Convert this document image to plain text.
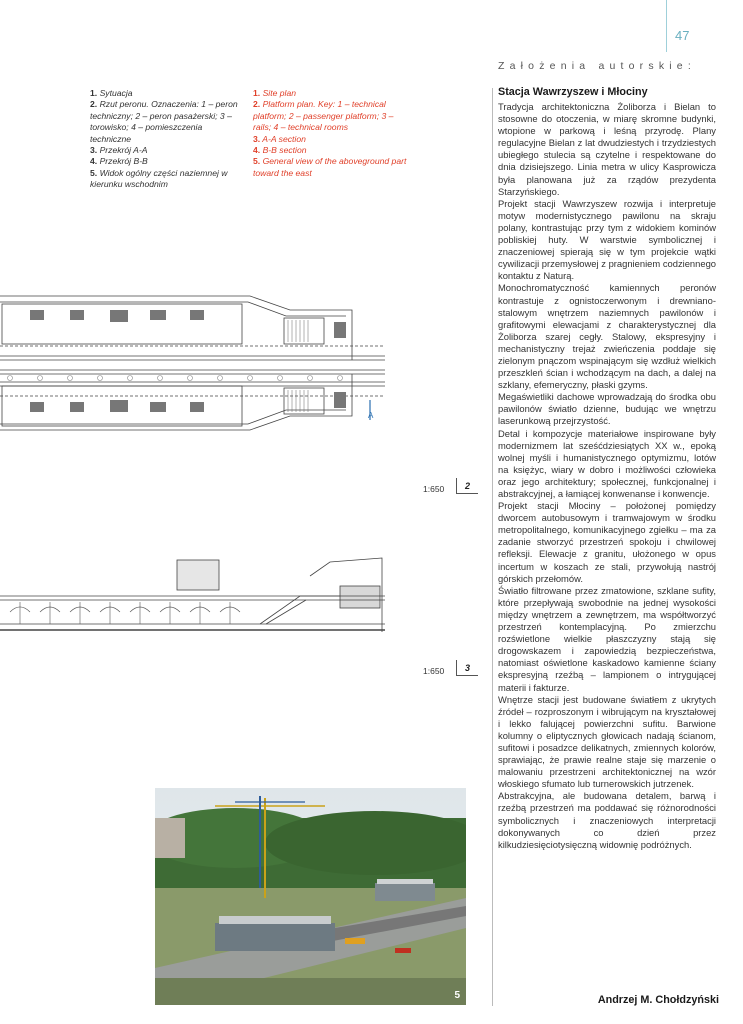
47
1. Sytuacja
2. Rzut peronu. Oznaczenia: 1 – peron techniczny; 2 – peron pasażerski; 3 – torowisko; 4 – pomieszczenia techniczne
3. Przekrój A-A
4. Przekrój B-B
5. Widok ogólny części naziemnej w kierunku wschodnim
1. Site plan
2. Platform plan. Key: 1 – technical platform; 2 – passenger platform; 3 – rails; 4 – technical rooms
3. A-A section
4. B-B section
5. General view of the aboveground part toward the east
A
1:650	2
1:650	3
5
Założenia autorskie:
Stacja Wawrzyszew i Młociny

Tradycja architektoniczna Żoliborza i Bielan to stosowne do otoczenia, w miarę skromne budynki, wtopione w parkową i leśną przyrodę. Plany regulacyjne Bielan z lat dwudziestych i trzydziestych ubiegłego stulecia są czytelne i respektowane do dnia dzisiejszego. Linia metra w ulicy Kasprowicza była planowana już za rządów prezydenta Starzyńskiego.

Projekt stacji Wawrzyszew rozwija i interpretuje motyw modernistycznego pawilonu na skraju polany, kontrastując przy tym z widokiem kominów pobliskiej huty. W warstwie symbolicznej i znaczeniowej spierają się w tym projekcie wątki cywilizacji przemysłowej z pragnieniem codziennego kontaktu z Naturą.

Monochromatyczność kamiennych peronów kontrastuje z ognistoczerwonym i drewniano-stalowym wnętrzem naziemnych pawilonów i grafitowymi elewacjami z charakterystycznej dla Żoliborza szarej cegły. Stalowy, ekspresyjny i mechanistyczny trejaż zwieńczenia poddaje się zielonym pnączom wspinającym się wzdłuż wielkich przeszkleń ścian i wchodzącym na dach, a dalej na szklany, efemeryczny, płaski gzyms.

Megaświetliki dachowe wprowadzają do środka obu pawilonów światło dzienne, budując we wnętrzu laserunkową przejrzystość.

Detal i kompozycje materiałowe inspirowane były modernizmem lat sześćdziesiątych XX w., epoką wolnej myśli i humanistycznego optymizmu, lotów na księżyc, wiary w dobro i możliwości człowieka oraz jego architektury; społecznej, funkcjonalnej i abstrakcyjnej, a łamiącej konwenanse i konwencje.

Projekt stacji Młociny – położonej pomiędzy dworcem autobusowym i tramwajowym w środku metropolitalnego, komunikacyjnego zgiełku – ma za zadanie stworzyć przestrzeń spokoju i chwilowej refleksji. Elewacje z granitu, ułożonego w opus incertum w koszach ze stali, przywołują nastrój górskich przełomów.

Światło filtrowane przez zmatowione, szklane sufity, które przepływają swobodnie na jednej wysokości między wnętrzem a zewnętrzem, ma współtworzyć przestrzeń kontemplacyjną. Po zmierzchu rozświetlone wielkie płaszczyzny stają się drogowskazem i zapowiedzią bezpieczeństwa, natomiast oświetlone kaskadowo kamienne ściany ekspresyjną rzeźbą – lampionem o intrygującej materii i fakturze.

Wnętrze stacji jest budowane światłem z ukrytych źródeł – rozproszonym i wibrującym na kryształowej i lekko falującej powierzchni sufitu. Barwione kolumny o eliptycznych głowicach nadają ścianom, sufitowi i posadzce delikatnych, zmiennych kolorów, sprawiając, że prawie realne staje się marzenie o malowaniu przestrzeni architektonicznej na wzór włoskiego sfumato lub turnerowskich jutrzenek.

Abstrakcyjna, ale budowana detalem, barwą i rzeźbą przestrzeń ma poddawać się różnorodności symbolicznych i znaczeniowych interpretacji dokonywanych co dzień przez kilkudziesięciotysięczną widownię podróżnych.

Andrzej M. Chołdzyński
